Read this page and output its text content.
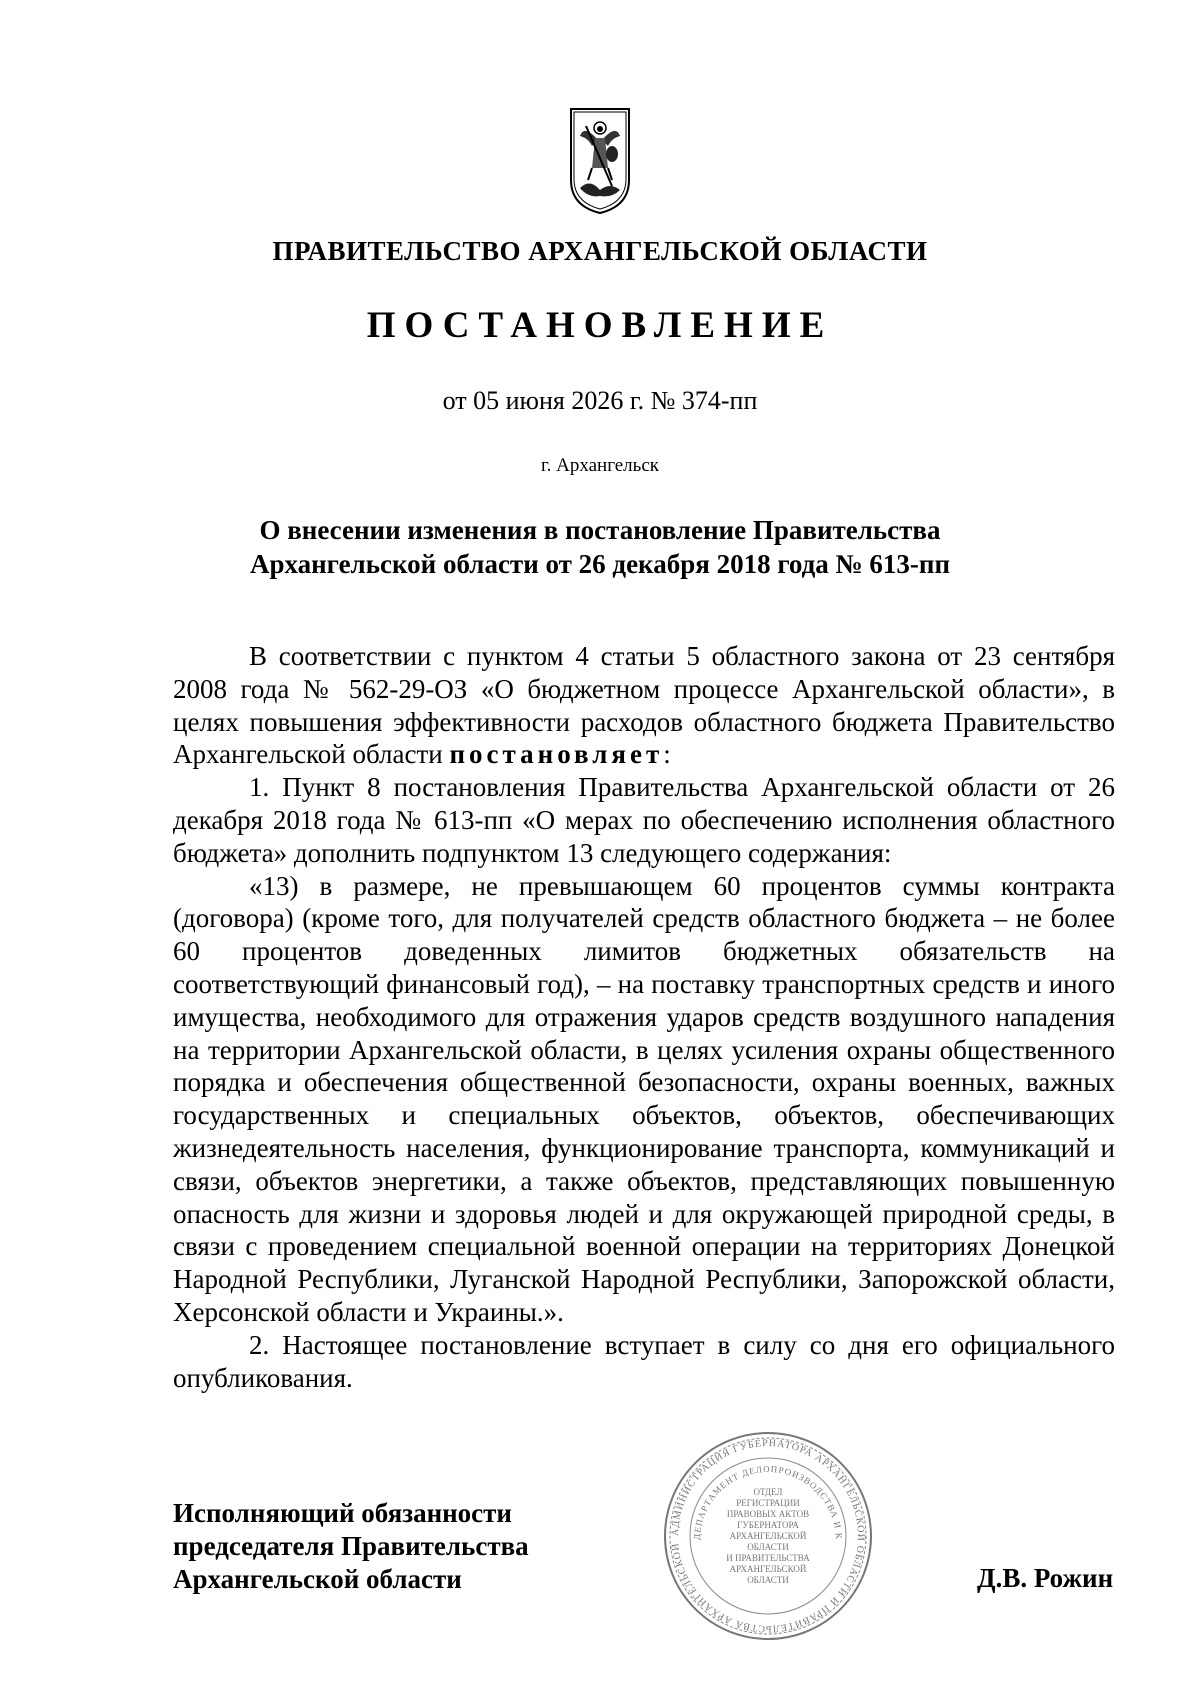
ПРАВИТЕЛЬСТВО АРХАНГЕЛЬСКОЙ ОБЛАСТИ
ПОСТАНОВЛЕНИЕ
от 05 июня 2026 г. № 374-пп
г. Архангельск
О внесении изменения в постановление Правительства
Архангельской области от 26 декабря 2018 года № 613-пп

В соответствии с пунктом 4 статьи 5 областного закона от 23 сентября 2008 года № 562-29-ОЗ «О бюджетном процессе Архангельской области», в целях повышения эффективности расходов областного бюджета Правительство Архангельской области постановляет:

1. Пункт 8 постановления Правительства Архангельской области от 26 декабря 2018 года № 613-пп «О мерах по обеспечению исполнения областного бюджета» дополнить подпунктом 13 следующего содержания:

«13) в размере, не превышающем 60 процентов суммы контракта (договора) (кроме того, для получателей средств областного бюджета – не более 60 процентов доведенных лимитов бюджетных обязательств на соответствующий финансовый год), – на поставку транспортных средств и иного имущества, необходимого для отражения ударов средств воздушного нападения на территории Архангельской области, в целях усиления охраны общественного порядка и обеспечения общественной безопасности, охраны военных, важных государственных и специальных объектов, объектов, обеспечивающих жизнедеятельность населения, функционирование транспорта, коммуникаций и связи, объектов энергетики, а также объектов, представляющих повышенную опасность для жизни и здоровья людей и для окружающей природной среды, в связи с проведением специальной военной операции на территориях Донецкой Народной Республики, Луганской Народной Республики, Запорожской области, Херсонской области и Украины.».

2. Настоящее постановление вступает в силу со дня его официального опубликования.

Исполняющий обязанности
председателя Правительства
Архангельской области
АДМИНИСТРАЦИЯ ГУБЕРНАТОРА АРХАНГЕЛЬСКОЙ ОБЛАСТИ И ПРАВИТЕЛЬСТВА АРХАНГЕЛЬСКОЙ
ДЕПАРТАМЕНТ ДЕЛОПРОИЗВОДСТВА И К
ОТДЕЛ
РЕГИСТРАЦИИ
ПРАВОВЫХ АКТОВ
ГУБЕРНАТОРА
АРХАНГЕЛЬСКОЙ
ОБЛАСТИ
И ПРАВИТЕЛЬСТВА
АРХАНГЕЛЬСКОЙ
ОБЛАСТИ	Д.В. Рожин
